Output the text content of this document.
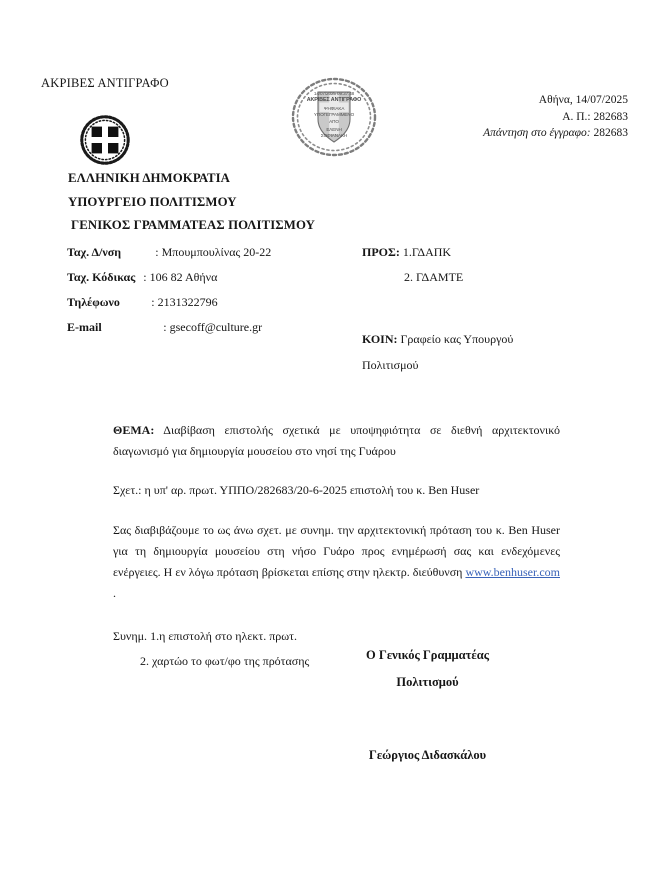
ΑΚΡΙΒΕΣ ΑΝΤΙΓΡΑΦΟ
14/07/2025 09:37:48
ΑΚΡΙΒΕΣ ΑΝΤΙΓΡΑΦΟ
ΨΗΦΙΑΚΑ
ΥΠΟΓΕΓΡΑΜΜΕΝΟ
ΑΠΟ
ΕΛΕΝΗ
ΣΟΦΙΑΝΑΚΗ
Αθήνα, 14/07/2025
Α. Π.: 282683
Απάντηση στο έγγραφο: 282683
ΕΛΛΗΝΙΚΗ ΔΗΜΟΚΡΑΤΙΑ
ΥΠΟΥΡΓΕΙΟ ΠΟΛΙΤΙΣΜΟΥ
ΓΕΝΙΚΟΣ ΓΡΑΜΜΑΤΕΑΣ ΠΟΛΙΤΙΣΜΟΥ
Ταχ. Δ/νση	: Μπουμπουλίνας 20-22
Ταχ. Κόδικας	: 106 82 Αθήνα
Τηλέφωνο	: 2131322796
E-mail	: gsecoff@culture.gr
ΠΡΟΣ: 1.ΓΔΑΠΚ
2. ΓΔΑΜΤΕ
ΚΟΙΝ: Γραφείο κας Υπουργού
Πολιτισμού

ΘΕΜΑ: Διαβίβαση επιστολής σχετικά με υποψηφιότητα σε διεθνή αρχιτεκτονικό διαγωνισμό για δημιουργία μουσείου στο νησί της Γυάρου

Σχετ.: η υπ' αρ. πρωτ. ΥΠΠΟ/282683/20-6-2025 επιστολή του κ. Ben Huser

Σας διαβιβάζουμε το ως άνω σχετ. με συνημ. την αρχιτεκτονική πρόταση του κ. Ben Huser για τη δημιουργία μουσείου στη νήσο Γυάρο προς ενημέρωσή σας και ενδεχόμενες ενέργειες. Η εν λόγω πρόταση βρίσκεται επίσης στην ηλεκτρ. διεύθυνση www.benhuser.com .

Συνημ. 1.η επιστολή στο ηλεκτ. πρωτ.
2. χαρτώο το φωτ/φο της πρότασης	Ο Γενικός Γραμματέας
Πολιτισμού
Γεώργιος Διδασκάλου
